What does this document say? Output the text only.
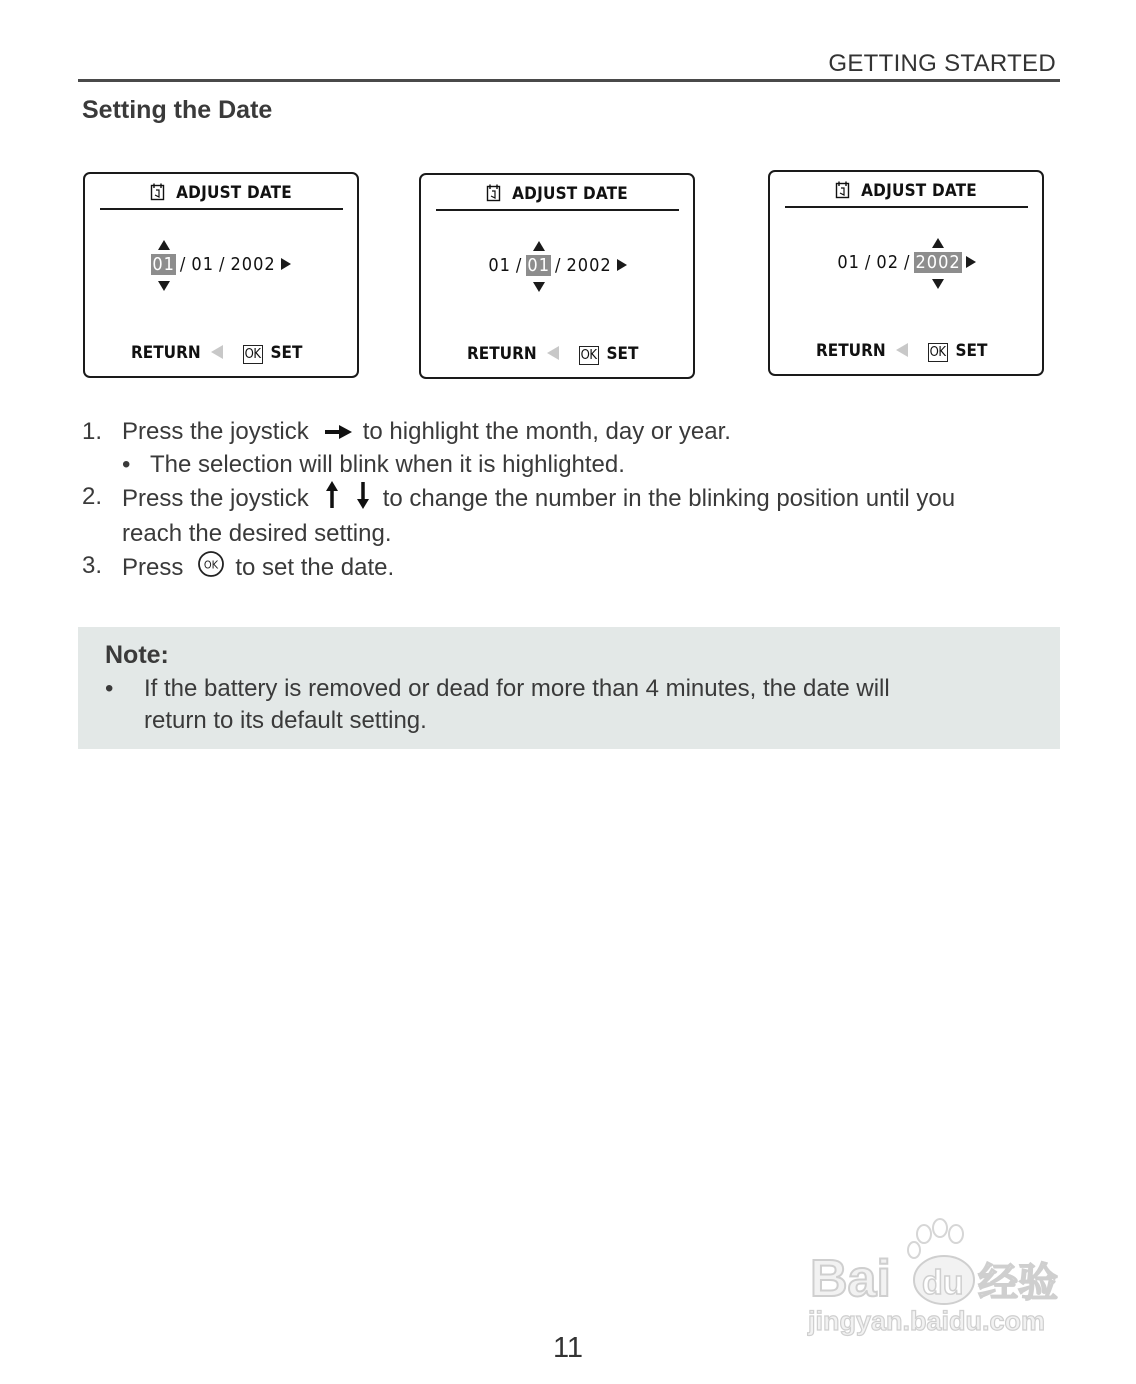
GETTING STARTED
Setting the Date
ADJUST DATE
01 / 01 / 2002
RETURN	OK SET
ADJUST DATE
01 / 01 / 2002
RETURN	OK SET
ADJUST DATE
01 / 02 / 2002
RETURN	OK SET
1. Press the joystick to highlight the month, day or year.
• The selection will blink when it is highlighted.
2. Press the joystick	to change the number in the blinking position until you
reach the desired setting.
3. Press OK to set the date.
Note:
• If the battery is removed or dead for more than 4 minutes, the date will
return to its default setting.
11
Bai du 经验
jingyan.baidu.com
